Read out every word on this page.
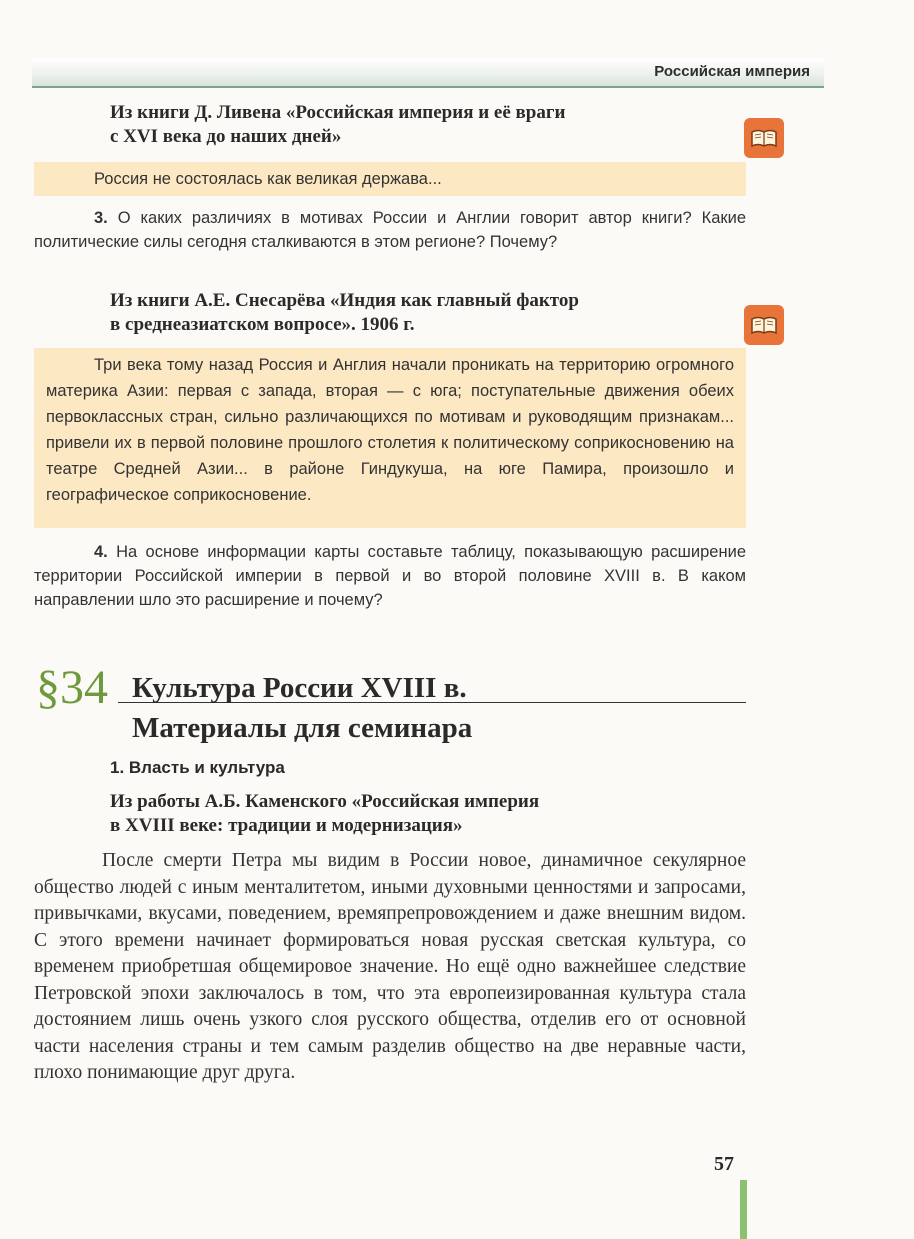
Российская империя
Из книги Д. Ливена «Российская империя и её враги
с XVI века до наших дней»

Россия не состоялась как великая держава...

3. О каких различиях в мотивах России и Англии говорит автор книги? Какие политические силы сегодня сталкиваются в этом регионе? Почему?

Из книги А.Е. Снесарёва «Индия как главный фактор
в среднеазиатском вопросе». 1906 г.

Три века тому назад Россия и Англия начали проникать на территорию огромного материка Азии: первая с запада, вторая — с юга; поступательные движения обеих первоклассных стран, сильно различающихся по мотивам и руководящим признакам... привели их в первой половине прошлого столетия к политическому соприкосновению на театре Средней Азии... в районе Гиндукуша, на юге Памира, произошло и географическое соприкосновение.

4. На основе информации карты составьте таблицу, показывающую расширение территории Российской империи в первой и во второй половине XVIII в. В каком направлении шло это расширение и почему?

§34 Культура России XVIII в.
Материалы для семинара
1. Власть и культура
Из работы А.Б. Каменского «Российская империя
в XVIII веке: традиции и модернизация»

После смерти Петра мы видим в России новое, динамичное секулярное общество людей с иным менталитетом, иными духовными ценностями и запросами, привычками, вкусами, поведением, времяпрепровождением и даже внешним видом. С этого времени начинает формироваться новая русская светская культура, со временем приобретшая общемировое значение. Но ещё одно важнейшее следствие Петровской эпохи заключалось в том, что эта европеизированная культура стала достоянием лишь очень узкого слоя русского общества, отделив его от основной части населения страны и тем самым разделив общество на две неравные части, плохо понимающие друг друга.

57
